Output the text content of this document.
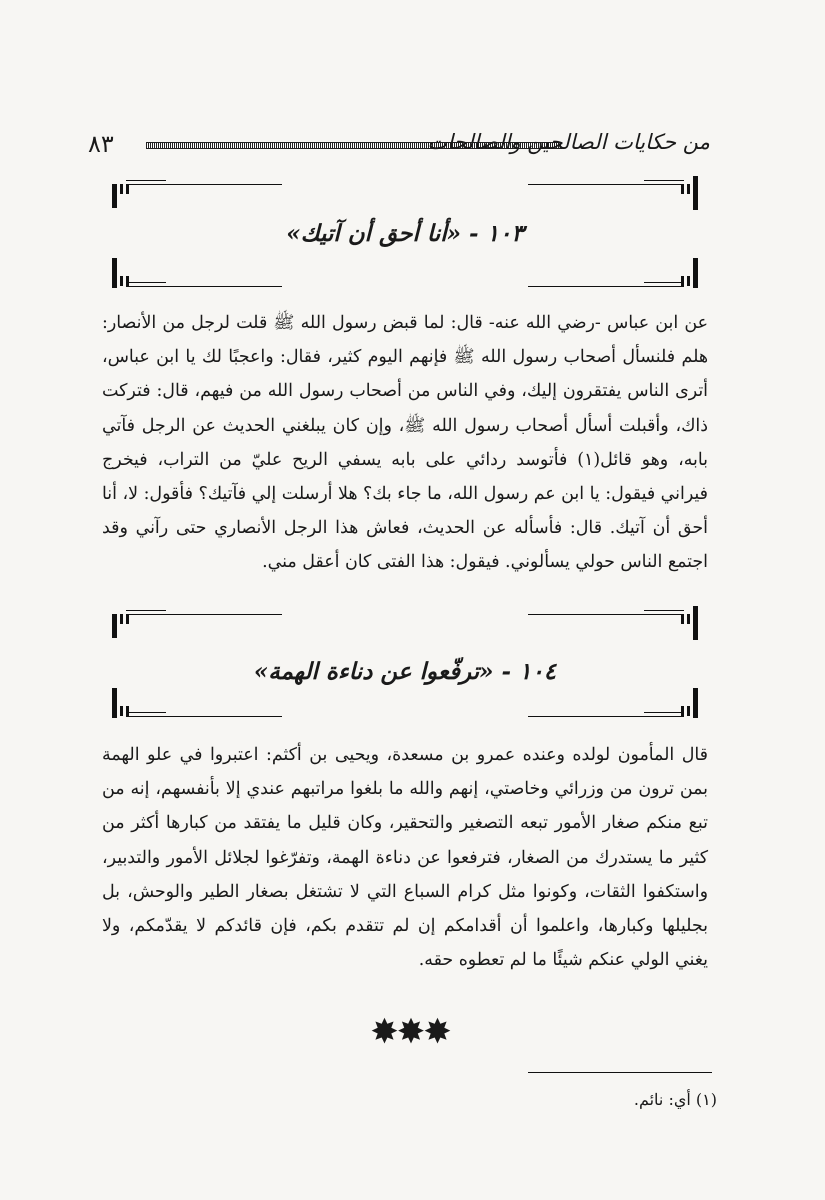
٨٣	من حكايات الصالحين والصالحات
١٠٣ - «أنا أحق أن آتيك»

عن ابن عباس -رضي الله عنه- قال: لما قبض رسول الله ﷺ قلت لرجل من الأنصار: هلم فلنسأل أصحاب رسول الله ﷺ فإنهم اليوم كثير، فقال: واعجبًا لك يا ابن عباس، أترى الناس يفتقرون إليك، وفي الناس من أصحاب رسول الله من فيهم، قال: فتركت ذاك، وأقبلت أسأل أصحاب رسول الله ﷺ، وإن كان يبلغني الحديث عن الرجل فآتي بابه، وهو قائل(١) فأتوسد ردائي على بابه يسفي الريح عليّ من التراب، فيخرج فيراني فيقول: يا ابن عم رسول الله، ما جاء بك؟ هلا أرسلت إلي فآتيك؟ فأقول: لا، أنا أحق أن آتيك. قال: فأسأله عن الحديث، فعاش هذا الرجل الأنصاري حتى رآني وقد اجتمع الناس حولي يسألوني. فيقول: هذا الفتى كان أعقل مني.

١٠٤ - «ترفّعوا عن دناءة الهمة»

قال المأمون لولده وعنده عمرو بن مسعدة، ويحيى بن أكثم: اعتبروا في علو الهمة بمن ترون من وزرائي وخاصتي، إنهم والله ما بلغوا مراتبهم عندي إلا بأنفسهم، إنه من تبع منكم صغار الأمور تبعه التصغير والتحقير، وكان قليل ما يفتقد من كبارها أكثر من كثير ما يستدرك من الصغار، فترفعوا عن دناءة الهمة، وتفرّغوا لجلائل الأمور والتدبير، واستكفوا الثقات، وكونوا مثل كرام السباع التي لا تشتغل بصغار الطير والوحش، بل بجليلها وكبارها، واعلموا أن أقدامكم إن لم تتقدم بكم، فإن قائدكم لا يقدّمكم، ولا يغني الولي عنكم شيئًا ما لم تعطوه حقه.

✸✸✸
(١) أي: نائم.
